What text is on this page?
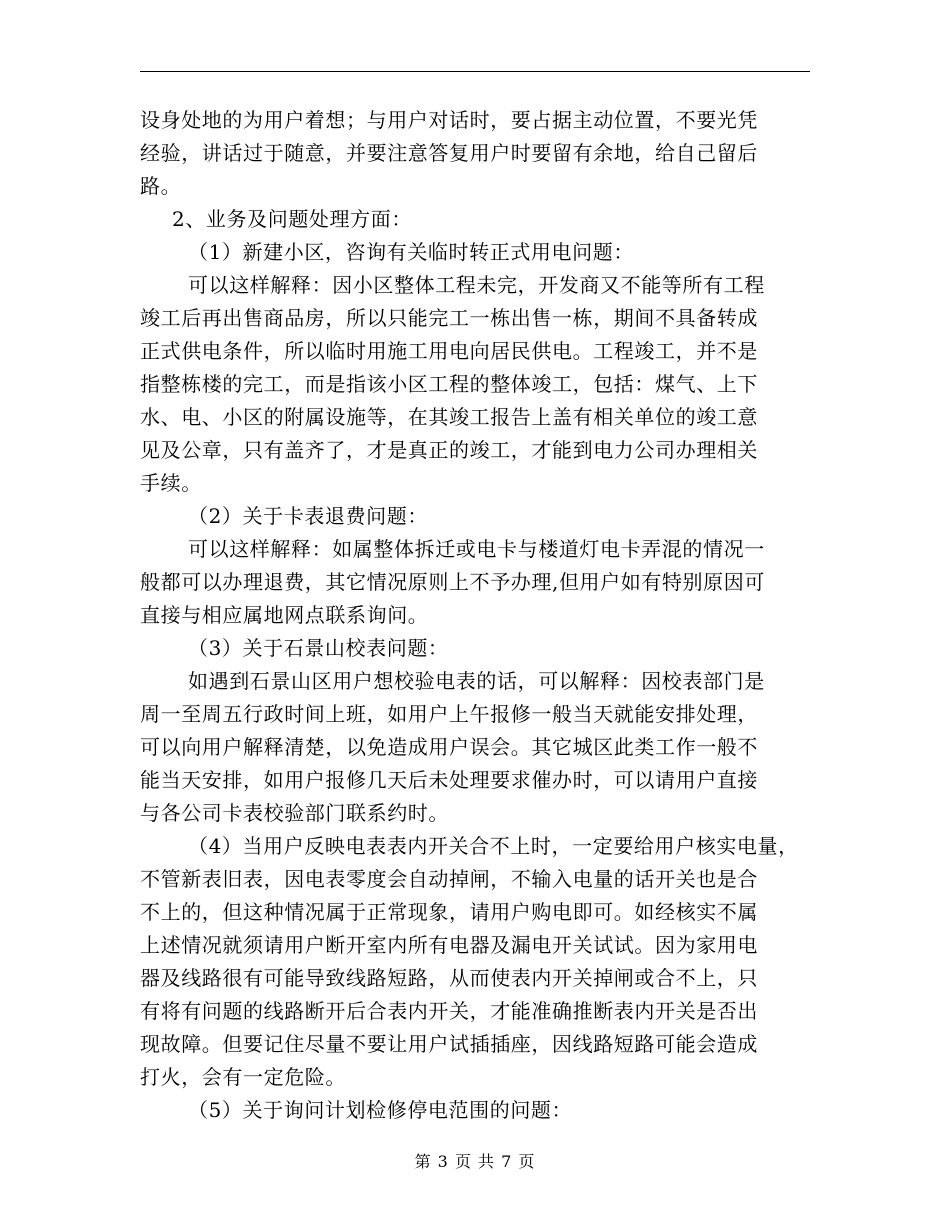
设身处地的为用户着想；与用户对话时，要占据主动位置，不要光凭
经验，讲话过于随意，并要注意答复用户时要留有余地，给自己留后
路。
2、业务及问题处理方面：
（1）新建小区，咨询有关临时转正式用电问题：
可以这样解释：因小区整体工程未完，开发商又不能等所有工程
竣工后再出售商品房，所以只能完工一栋出售一栋，期间不具备转成
正式供电条件，所以临时用施工用电向居民供电。工程竣工，并不是
指整栋楼的完工，而是指该小区工程的整体竣工，包括：煤气、上下
水、电、小区的附属设施等，在其竣工报告上盖有相关单位的竣工意
见及公章，只有盖齐了，才是真正的竣工，才能到电力公司办理相关
手续。
（2）关于卡表退费问题：
可以这样解释：如属整体拆迁或电卡与楼道灯电卡弄混的情况一
般都可以办理退费，其它情况原则上不予办理,但用户如有特别原因可
直接与相应属地网点联系询问。
（3）关于石景山校表问题：
如遇到石景山区用户想校验电表的话，可以解释：因校表部门是
周一至周五行政时间上班，如用户上午报修一般当天就能安排处理，
可以向用户解释清楚，以免造成用户误会。其它城区此类工作一般不
能当天安排，如用户报修几天后未处理要求催办时，可以请用户直接
与各公司卡表校验部门联系约时。
（4）当用户反映电表表内开关合不上时，一定要给用户核实电量，
不管新表旧表，因电表零度会自动掉闸，不输入电量的话开关也是合
不上的，但这种情况属于正常现象，请用户购电即可。如经核实不属
上述情况就须请用户断开室内所有电器及漏电开关试试。因为家用电
器及线路很有可能导致线路短路，从而使表内开关掉闸或合不上，只
有将有问题的线路断开后合表内开关，才能准确推断表内开关是否出
现故障。但要记住尽量不要让用户试插插座，因线路短路可能会造成
打火，会有一定危险。
（5）关于询问计划检修停电范围的问题：
第 3 页 共 7 页
